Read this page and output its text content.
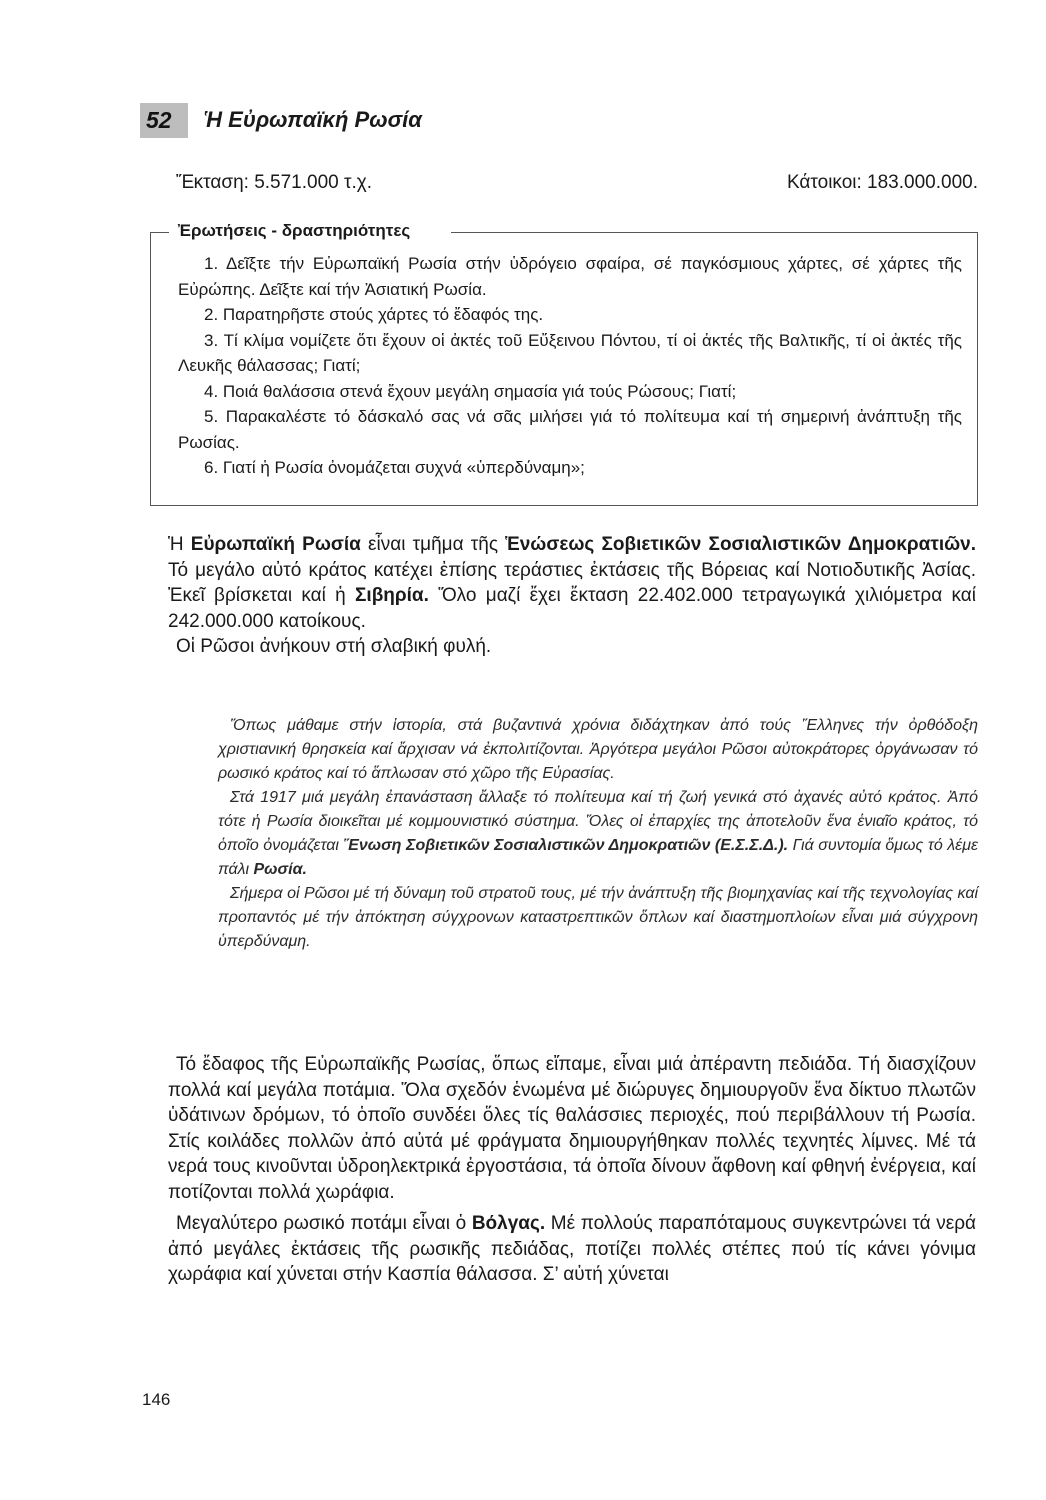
52	Ἡ Εὐρωπαϊκή Ρωσία
Ἔκταση: 5.571.000 τ.χ.	Κάτοικοι: 183.000.000.
Ἐρωτήσεις - δραστηριότητες

1. Δεῖξτε τήν Εὐρωπαϊκή Ρωσία στήν ὑδρόγειο σφαίρα, σέ παγκόσμιους χάρτες, σέ χάρτες τῆς Εὐρώπης. Δεῖξτε καί τήν Ἀσιατική Ρωσία.

2. Παρατηρῆστε στούς χάρτες τό ἔδαφός της.

3. Τί κλίμα νομίζετε ὅτι ἔχουν οἱ ἀκτές τοῦ Εὔξεινου Πόντου, τί οἱ ἀκτές τῆς Βαλτικῆς, τί οἱ ἀκτές τῆς Λευκῆς θάλασσας; Γιατί;

4. Ποιά θαλάσσια στενά ἔχουν μεγάλη σημασία γιά τούς Ρώσους; Γιατί;

5. Παρακαλέστε τό δάσκαλό σας νά σᾶς μιλήσει γιά τό πολίτευμα καί τή σημερινή ἀνάπτυξη τῆς Ρωσίας.

6. Γιατί ἡ Ρωσία ὀνομάζεται συχνά «ὑπερδύναμη»;

Ἡ Εὐρωπαϊκή Ρωσία εἶναι τμῆμα τῆς Ἑνώσεως Σοβιετικῶν Σοσιαλιστικῶν Δημοκρατιῶν. Τό μεγάλο αὐτό κράτος κατέχει ἐπίσης τεράστιες ἐκτάσεις τῆς Βόρειας καί Νοτιοδυτικῆς Ἀσίας. Ἐκεῖ βρίσκεται καί ἡ Σιβηρία. Ὅλο μαζί ἔχει ἔκταση 22.402.000 τετραγωγικά χιλιόμετρα καί 242.000.000 κατοίκους.

Οἱ Ρῶσοι ἀνήκουν στή σλαβική φυλή.

Ὅπως μάθαμε στήν ἱστορία, στά βυζαντινά χρόνια διδάχτηκαν ἀπό τούς Ἕλληνες τήν ὀρθόδοξη χριστιανική θρησκεία καί ἄρχισαν νά ἐκπολιτίζονται. Ἀργότερα μεγάλοι Ρῶσοι αὐτοκράτορες ὀργάνωσαν τό ρωσικό κράτος καί τό ἅπλωσαν στό χῶρο τῆς Εὐρασίας.

Στά 1917 μιά μεγάλη ἐπανάσταση ἄλλαξε τό πολίτευμα καί τή ζωή γενικά στό ἀχανές αὐτό κράτος. Ἀπό τότε ἡ Ρωσία διοικεῖται μέ κομμουνιστικό σύστημα. Ὅλες οἱ ἐπαρχίες της ἀποτελοῦν ἕνα ἑνιαῖο κράτος, τό ὁποῖο ὀνομάζεται Ἕνωση Σοβιετικῶν Σοσιαλιστικῶν Δημοκρατιῶν (Ε.Σ.Σ.Δ.). Γιά συντομία ὅμως τό λέμε πάλι Ρωσία.

Σήμερα οἱ Ρῶσοι μέ τή δύναμη τοῦ στρατοῦ τους, μέ τήν ἀνάπτυξη τῆς βιομηχανίας καί τῆς τεχνολογίας καί προπαντός μέ τήν ἀπόκτηση σύγχρονων καταστρεπτικῶν ὅπλων καί διαστημοπλοίων εἶναι μιά σύγχρονη ὑπερδύναμη.

Τό ἔδαφος τῆς Εὐρωπαϊκῆς Ρωσίας, ὅπως εἴπαμε, εἶναι μιά ἀπέραντη πεδιάδα. Τή διασχίζουν πολλά καί μεγάλα ποτάμια. Ὅλα σχεδόν ἑνωμένα μέ διώρυγες δημιουργοῦν ἕνα δίκτυο πλωτῶν ὑδάτινων δρόμων, τό ὁποῖο συνδέει ὅλες τίς θαλάσσιες περιοχές, πού περιβάλλουν τή Ρωσία. Στίς κοιλάδες πολλῶν ἀπό αὐτά μέ φράγματα δημιουργήθηκαν πολλές τεχνητές λίμνες. Μέ τά νερά τους κινοῦνται ὑδροηλεκτρικά ἐργοστάσια, τά ὁποῖα δίνουν ἄφθονη καί φθηνή ἐνέργεια, καί ποτίζονται πολλά χωράφια.

Μεγαλύτερο ρωσικό ποτάμι εἶναι ὁ Βόλγας. Μέ πολλούς παραπόταμους συγκεντρώνει τά νερά ἀπό μεγάλες ἐκτάσεις τῆς ρωσικῆς πεδιάδας, ποτίζει πολλές στέπες πού τίς κάνει γόνιμα χωράφια καί χύνεται στήν Κασπία θάλασσα. Σ’ αὐτή χύνεται

146
